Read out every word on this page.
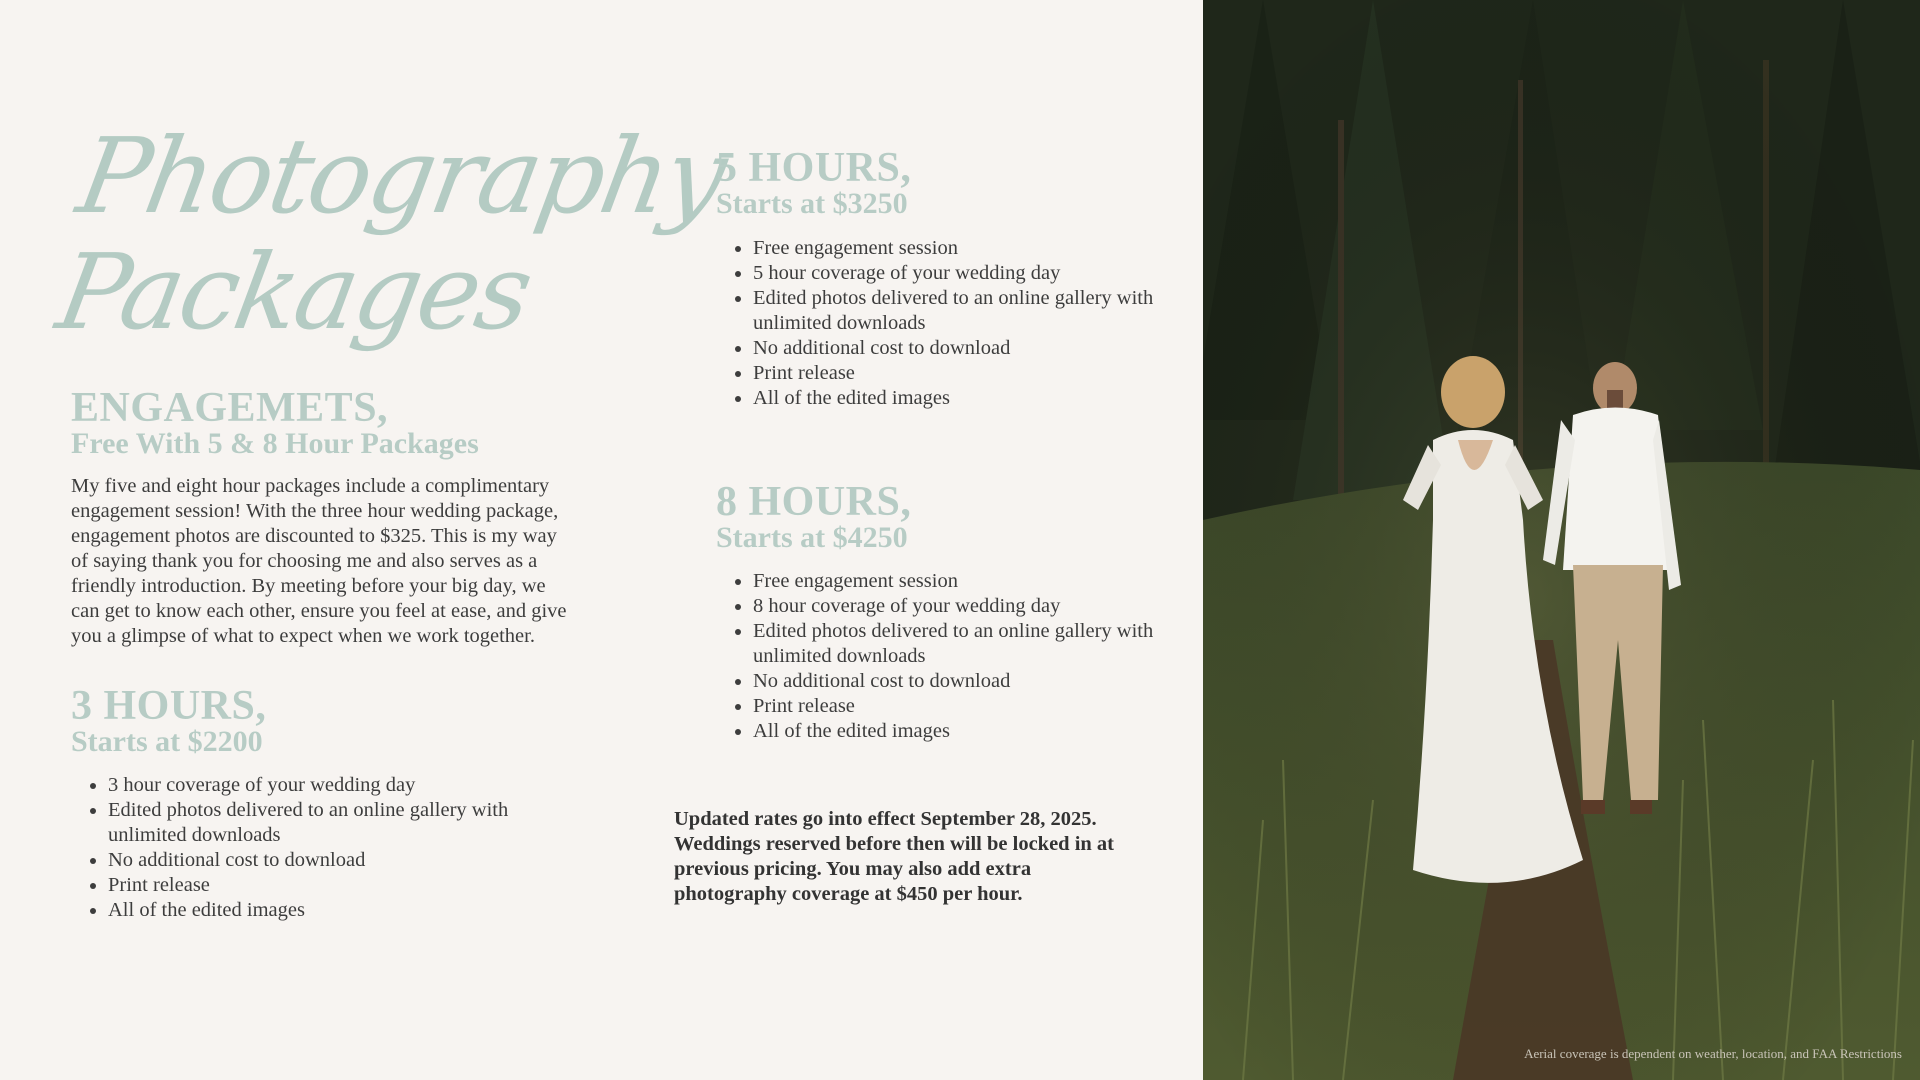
Photography
Packages
ENGAGEMETS,
Free With 5 & 8 Hour Packages

My five and eight hour packages include a complimentary engagement session! With the three hour wedding package, engagement photos are discounted to $325. This is my way of saying thank you for choosing me and also serves as a friendly introduction. By meeting before your big day, we can get to know each other, ensure you feel at ease, and give you a glimpse of what to expect when we work together.

3 HOURS,
Starts at $2200
• 3 hour coverage of your wedding day
• Edited photos delivered to an online gallery with unlimited downloads
• No additional cost to download
• Print release
• All of the edited images
5 HOURS,
Starts at $3250
• Free engagement session
• 5 hour coverage of your wedding day
• Edited photos delivered to an online gallery with unlimited downloads
• No additional cost to download
• Print release
• All of the edited images
8 HOURS,
Starts at $4250
• Free engagement session
• 8 hour coverage of your wedding day
• Edited photos delivered to an online gallery with unlimited downloads
• No additional cost to download
• Print release
• All of the edited images

Updated rates go into effect September 28, 2025. Weddings reserved before then will be locked in at previous pricing. You may also add extra photography coverage at $450 per hour.

Aerial coverage is dependent on weather, location, and FAA Restrictions
